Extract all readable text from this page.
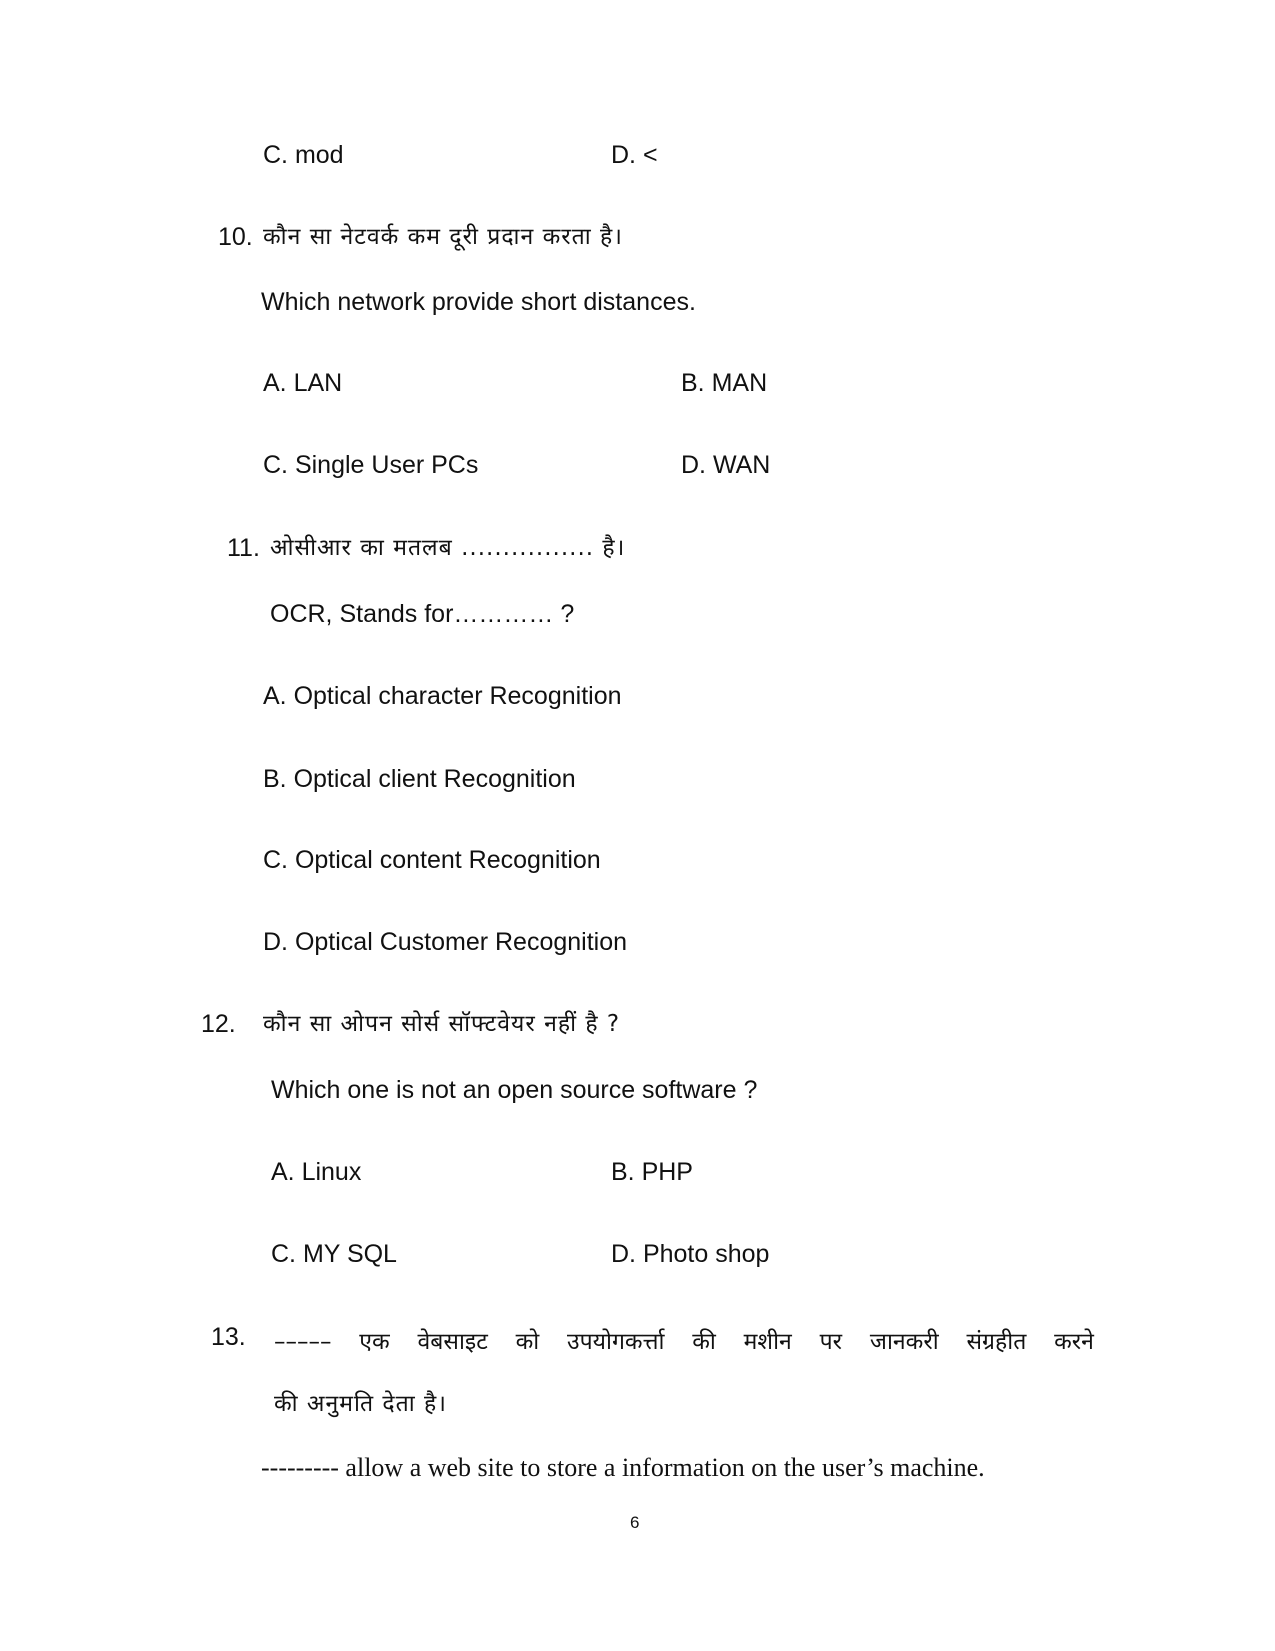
C. mod	D. <
10. कौन सा नेटवर्क कम दूरी प्रदान करता है।
Which network provide short distances.
A. LAN	B. MAN
C. Single User PCs	D. WAN
11. ओसीआर का मतलब ................ है।
OCR, Stands for………… ?
A. Optical character Recognition
B. Optical client Recognition
C. Optical content Recognition
D. Optical Customer Recognition
12. कौन सा ओपन सोर्स सॉफ्टवेयर नहीं है ?
Which one is not an open source software ?
A. Linux	B. PHP
C. MY SQL	D. Photo shop
13. ––––– एक वेबसाइट को उपयोगकर्त्ता की मशीन पर जानकरी संग्रहीत करने
की अनुमति देता है।
--------- allow a web site to store a information on the user’s machine.
6
